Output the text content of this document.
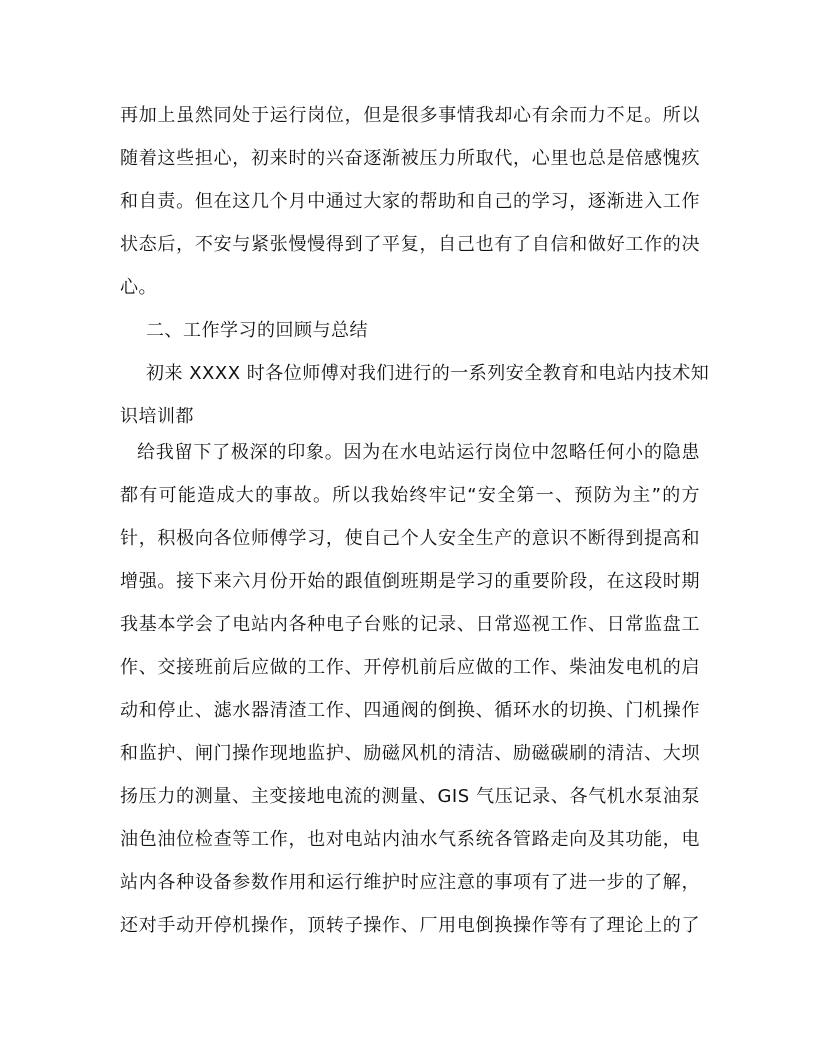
再加上虽然同处于运行岗位，但是很多事情我却心有余而力不足。所以

随着这些担心，初来时的兴奋逐渐被压力所取代，心里也总是倍感愧疚

和自责。但在这几个月中通过大家的帮助和自己的学习，逐渐进入工作

状态后，不安与紧张慢慢得到了平复，自己也有了自信和做好工作的决

心。

二、工作学习的回顾与总结

初来 XXXX 时各位师傅对我们进行的一系列安全教育和电站内技术知

识培训都

给我留下了极深的印象。因为在水电站运行岗位中忽略任何小的隐患

都有可能造成大的事故。所以我始终牢记“安全第一、预防为主”的方

针，积极向各位师傅学习，使自己个人安全生产的意识不断得到提高和

增强。接下来六月份开始的跟值倒班期是学习的重要阶段，在这段时期

我基本学会了电站内各种电子台账的记录、日常巡视工作、日常监盘工

作、交接班前后应做的工作、开停机前后应做的工作、柴油发电机的启

动和停止、滤水器清渣工作、四通阀的倒换、循环水的切换、门机操作

和监护、闸门操作现地监护、励磁风机的清洁、励磁碳刷的清洁、大坝

扬压力的测量、主变接地电流的测量、GIS 气压记录、各气机水泵油泵

油色油位检查等工作，也对电站内油水气系统各管路走向及其功能，电

站内各种设备参数作用和运行维护时应注意的事项有了进一步的了解，

还对手动开停机操作，顶转子操作、厂用电倒换操作等有了理论上的了
